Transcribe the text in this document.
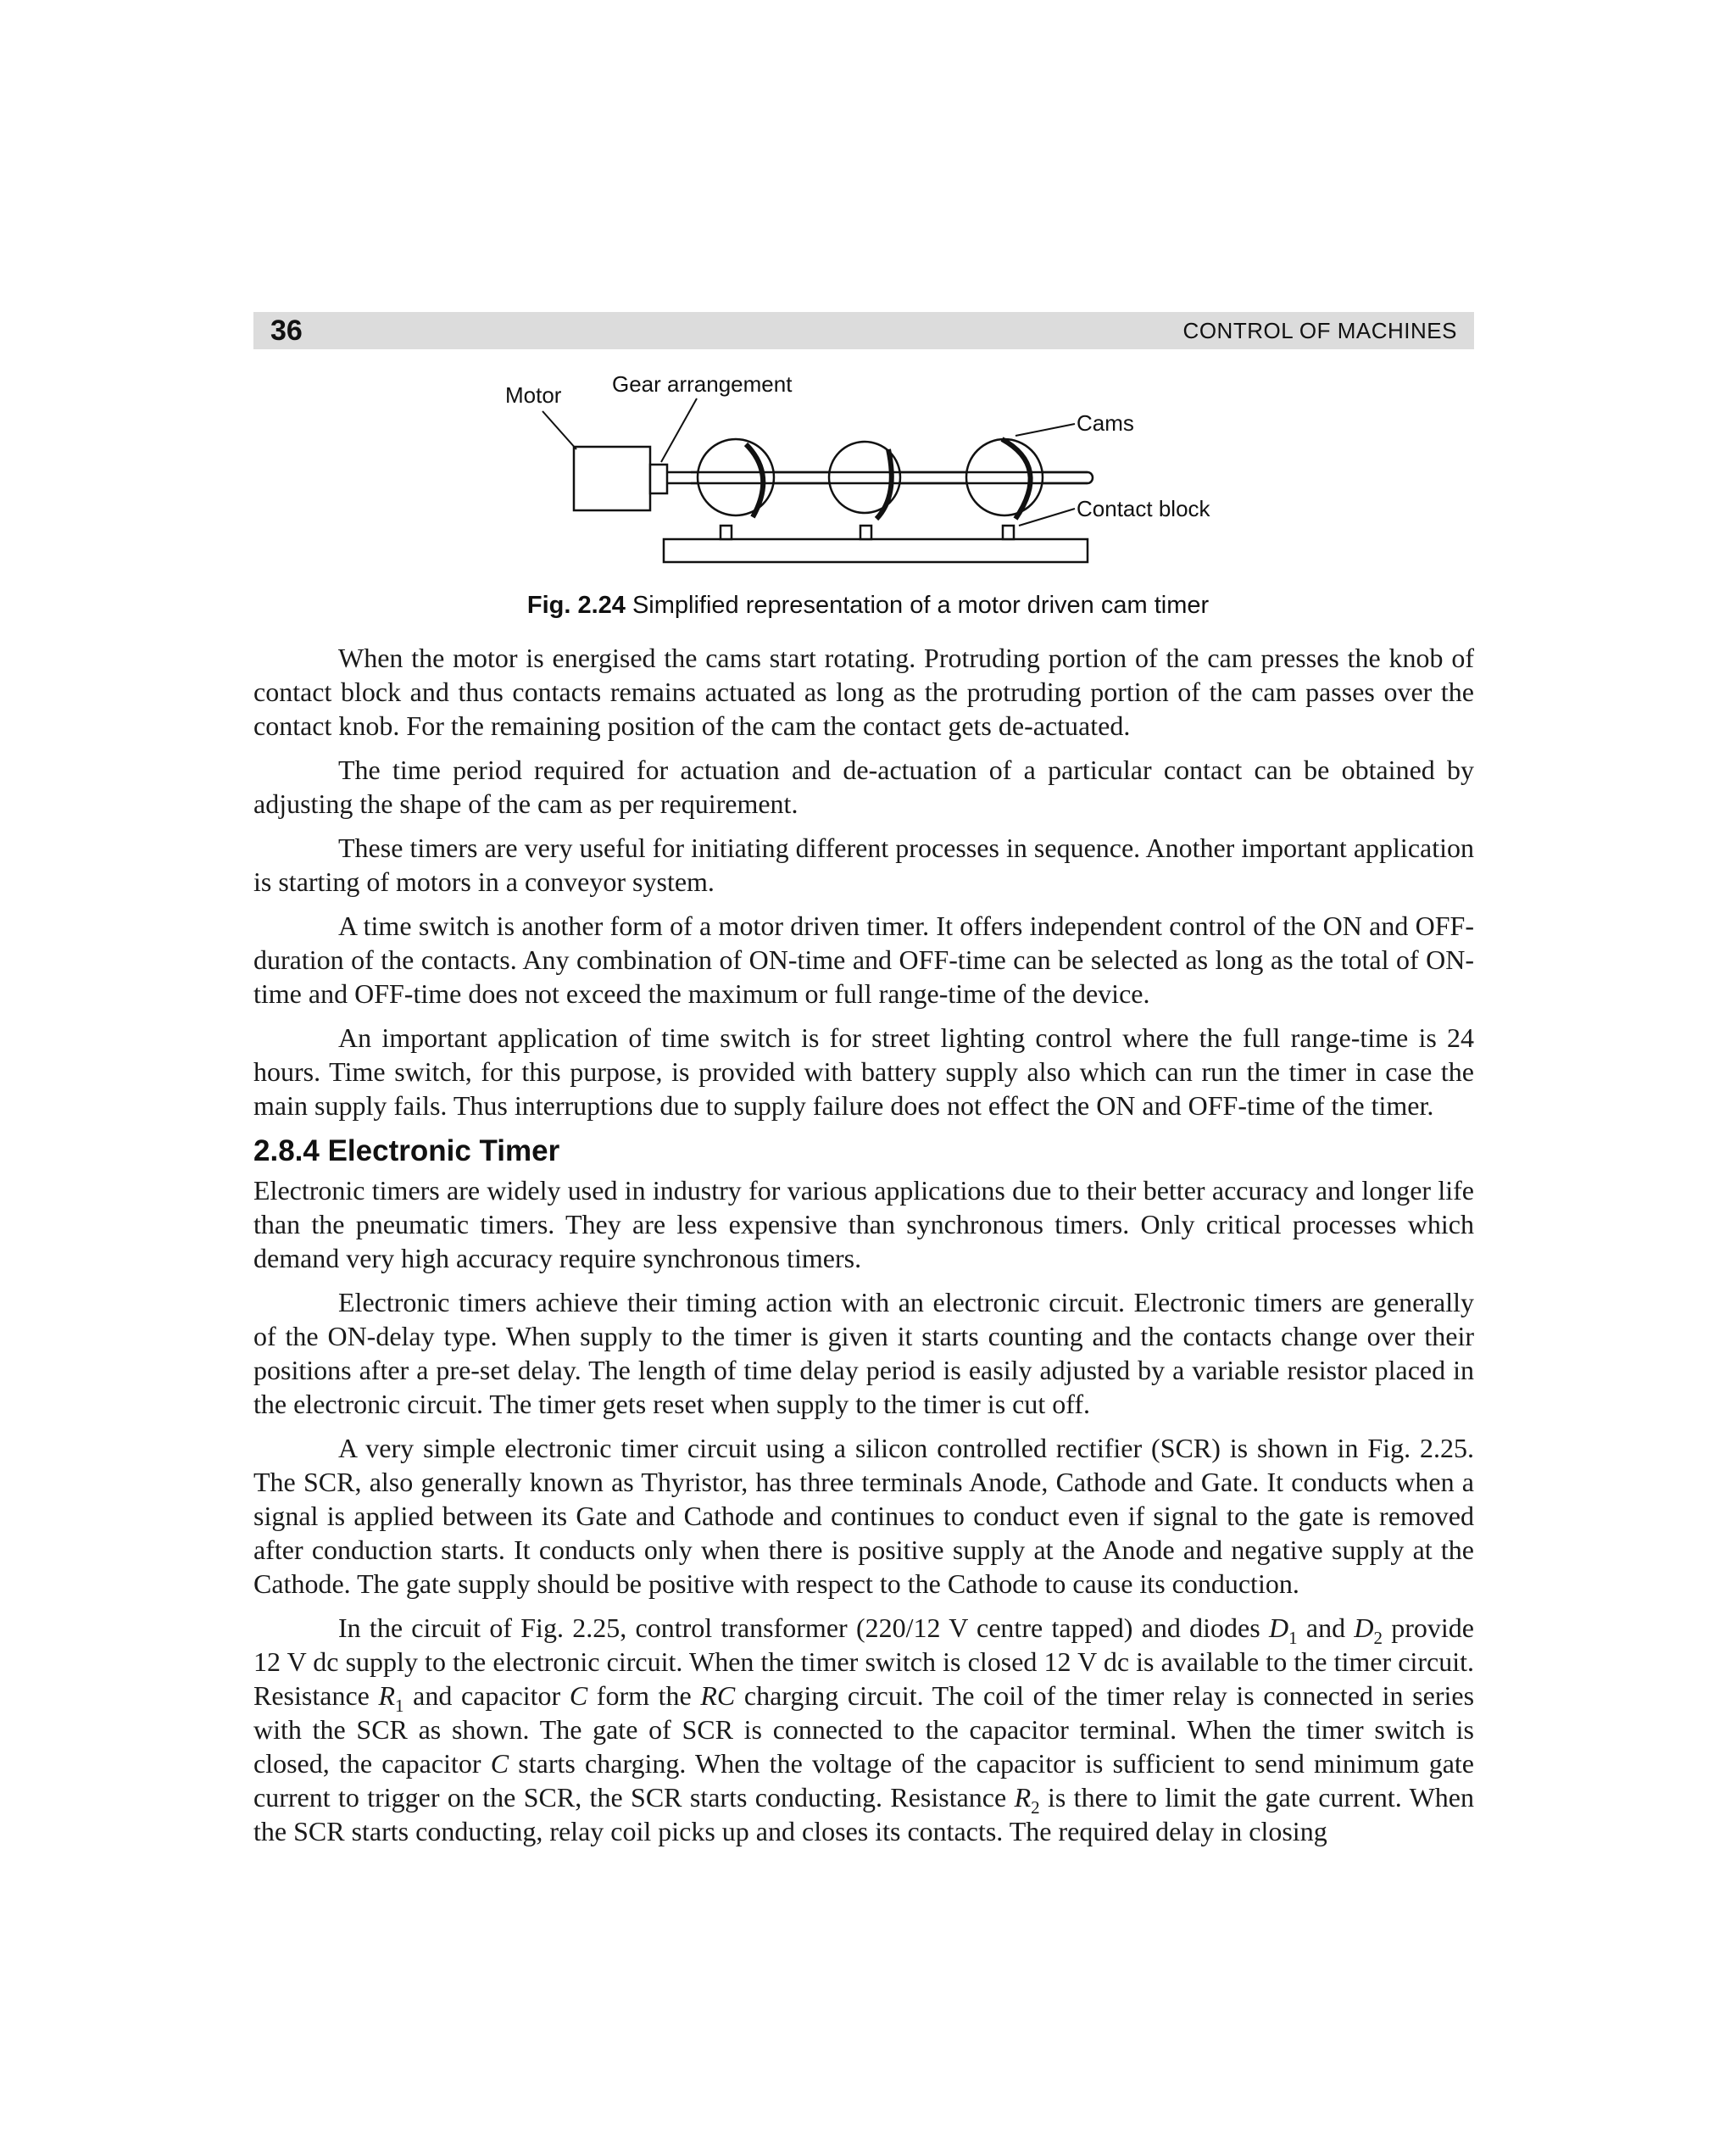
36	CONTROL OF MACHINES
Motor Gear arrangement
Cams
Contact block
Fig. 2.24 Simplified representation of a motor driven cam timer

When the motor is energised the cams start rotating. Protruding portion of the cam presses the knob of contact block and thus contacts remains actuated as long as the protruding portion of the cam passes over the contact knob. For the remaining position of the cam the contact gets de-actuated.

The time period required for actuation and de-actuation of a particular contact can be obtained by adjusting the shape of the cam as per requirement.

These timers are very useful for initiating different processes in sequence. Another important application is starting of motors in a conveyor system.

A time switch is another form of a motor driven timer. It offers independent control of the ON and OFF-duration of the contacts. Any combination of ON-time and OFF-time can be selected as long as the total of ON-time and OFF-time does not exceed the maximum or full range-time of the device.

An important application of time switch is for street lighting control where the full range-time is 24 hours. Time switch, for this purpose, is provided with battery supply also which can run the timer in case the main supply fails. Thus interruptions due to supply failure does not effect the ON and OFF-time of the timer.

2.8.4 Electronic Timer

Electronic timers are widely used in industry for various applications due to their better accuracy and longer life than the pneumatic timers. They are less expensive than synchronous timers. Only critical processes which demand very high accuracy require synchronous timers.

Electronic timers achieve their timing action with an electronic circuit. Electronic timers are generally of the ON-delay type. When supply to the timer is given it starts counting and the contacts change over their positions after a pre-set delay. The length of time delay period is easily adjusted by a variable resistor placed in the electronic circuit. The timer gets reset when supply to the timer is cut off.

A very simple electronic timer circuit using a silicon controlled rectifier (SCR) is shown in Fig. 2.25. The SCR, also generally known as Thyristor, has three terminals Anode, Cathode and Gate. It conducts when a signal is applied between its Gate and Cathode and continues to conduct even if signal to the gate is removed after conduction starts. It conducts only when there is positive supply at the Anode and negative supply at the Cathode. The gate supply should be positive with respect to the Cathode to cause its conduction.

In the circuit of Fig. 2.25, control transformer (220/12 V centre tapped) and diodes $D_1$ and $D_2$ provide 12 V dc supply to the electronic circuit. When the timer switch is closed 12 V dc is available to the timer circuit. Resistance $R_1$ and capacitor C form the RC charging circuit. The coil of the timer relay is connected in series with the SCR as shown. The gate of SCR is connected to the capacitor terminal. When the timer switch is closed, the capacitor C starts charging. When the voltage of the capacitor is sufficient to send minimum gate current to trigger on the SCR, the SCR starts conducting. Resistance $R_2$ is there to limit the gate current. When the SCR starts conducting, relay coil picks up and closes its contacts. The required delay in closing
